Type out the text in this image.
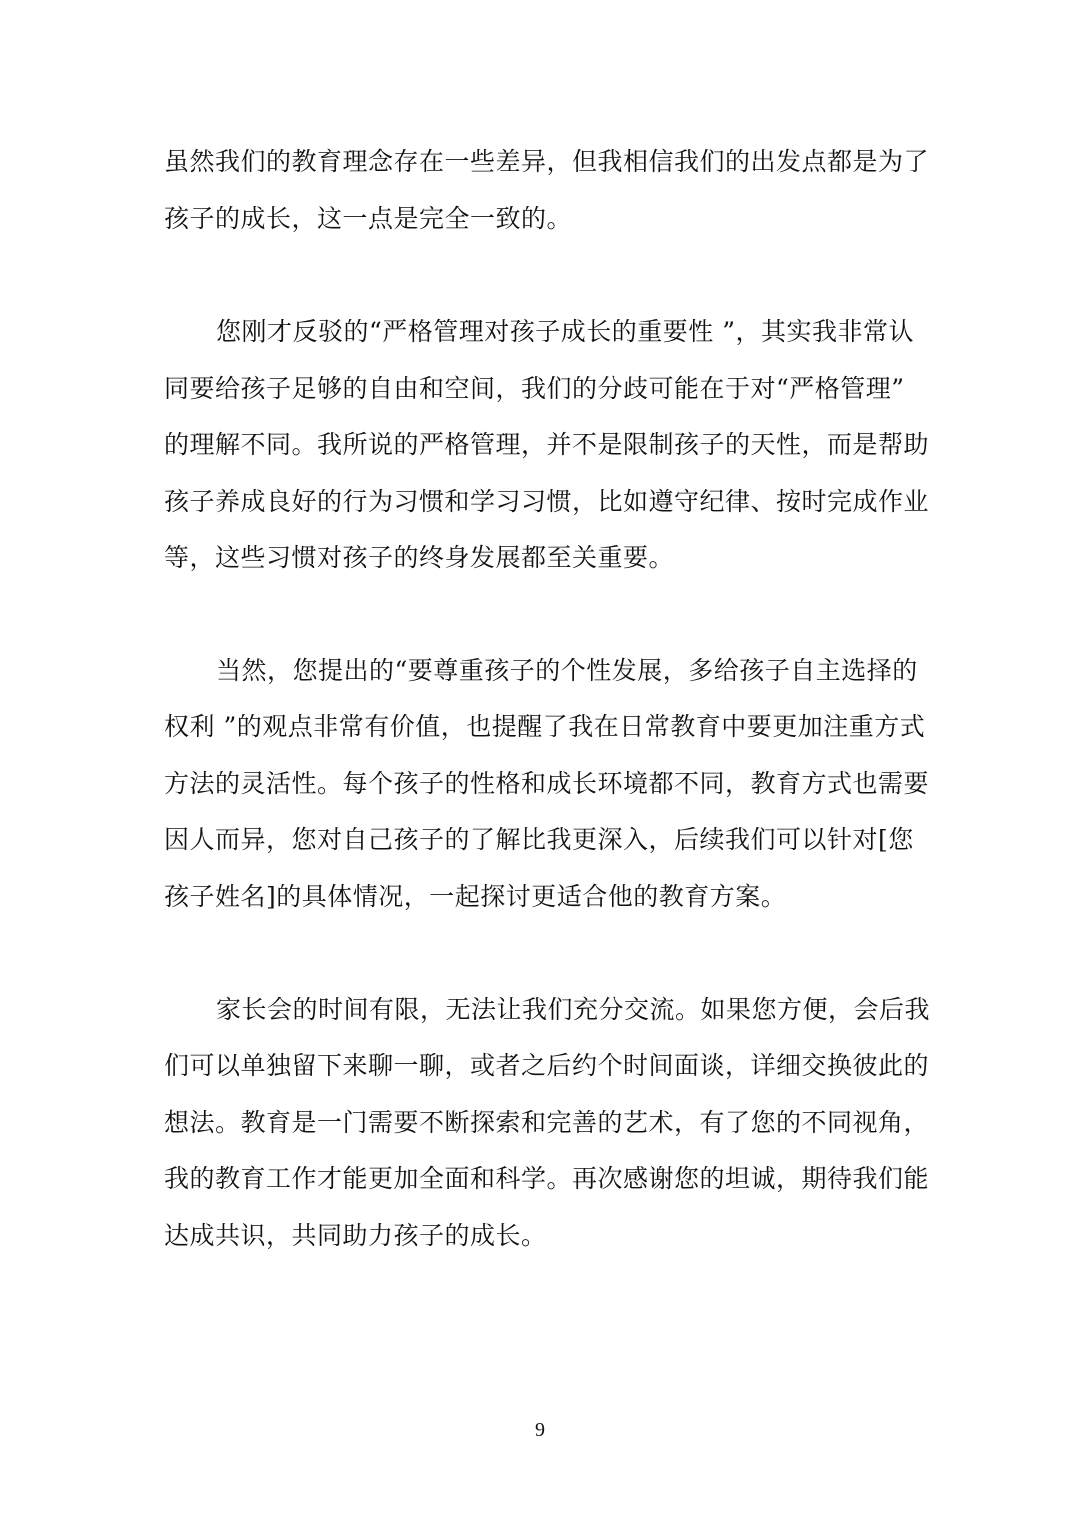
虽然我们的教育理念存在一些差异，但我相信我们的出发点都是为了
孩子的成长，这一点是完全一致的。
您刚才反驳的“严格管理对孩子成长的重要性 ”，其实我非常认
同要给孩子足够的自由和空间，我们的分歧可能在于对“严格管理”
的理解不同。我所说的严格管理，并不是限制孩子的天性，而是帮助
孩子养成良好的行为习惯和学习习惯，比如遵守纪律、按时完成作业
等，这些习惯对孩子的终身发展都至关重要。
当然，您提出的“要尊重孩子的个性发展，多给孩子自主选择的
权利 ”的观点非常有价值，也提醒了我在日常教育中要更加注重方式
方法的灵活性。每个孩子的性格和成长环境都不同，教育方式也需要
因人而异，您对自己孩子的了解比我更深入，后续我们可以针对[您
孩子姓名]的具体情况，一起探讨更适合他的教育方案。
家长会的时间有限，无法让我们充分交流。如果您方便，会后我
们可以单独留下来聊一聊，或者之后约个时间面谈，详细交换彼此的
想法。教育是一门需要不断探索和完善的艺术，有了您的不同视角，
我的教育工作才能更加全面和科学。再次感谢您的坦诚，期待我们能
达成共识，共同助力孩子的成长。
9
